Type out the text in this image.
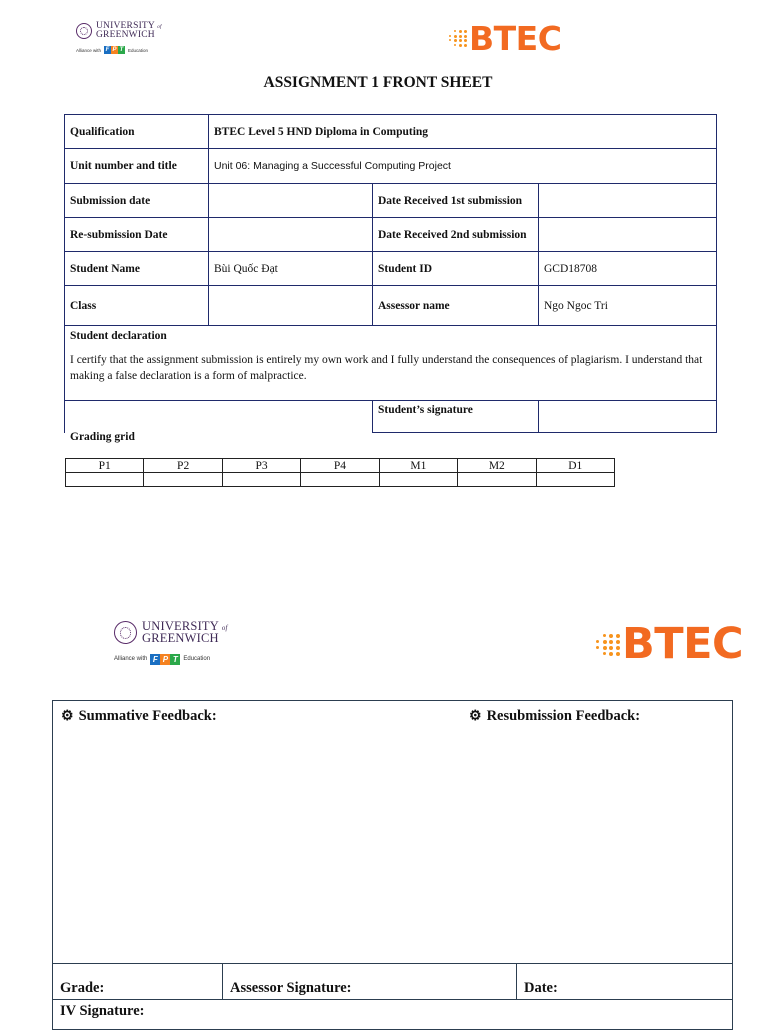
UNIVERSITY of
GREENWICH
Alliance with F P T	Education	BTEC
ASSIGNMENT 1 FRONT SHEET
Qualification	BTEC Level 5 HND Diploma in Computing		
Unit number and title	Unit 06: Managing a Successful Computing Project		
Submission date		Date Received 1st submission	
Re-submission Date		Date Received 2nd submission	
Student Name	Bùi Quốc Đạt	Student ID	GCD18708
Class		Assessor name	Ngo Ngoc Tri

Student declaration
I certify that the assignment submission is entirely my own work and I fully understand the consequences of plagiarism. I understand that making a false declaration is a form of malpractice.			

		Student’s signature	
Grading grid
P1	P2	P3	P4	M1	M2	D1

UNIVERSITY of
GREENWICH
Alliance with F P T Education	BTEC
⚙ Summative Feedback:	⚙ Resubmission Feedback:
Grade:	Assessor Signature:	Date:
IV Signature:
